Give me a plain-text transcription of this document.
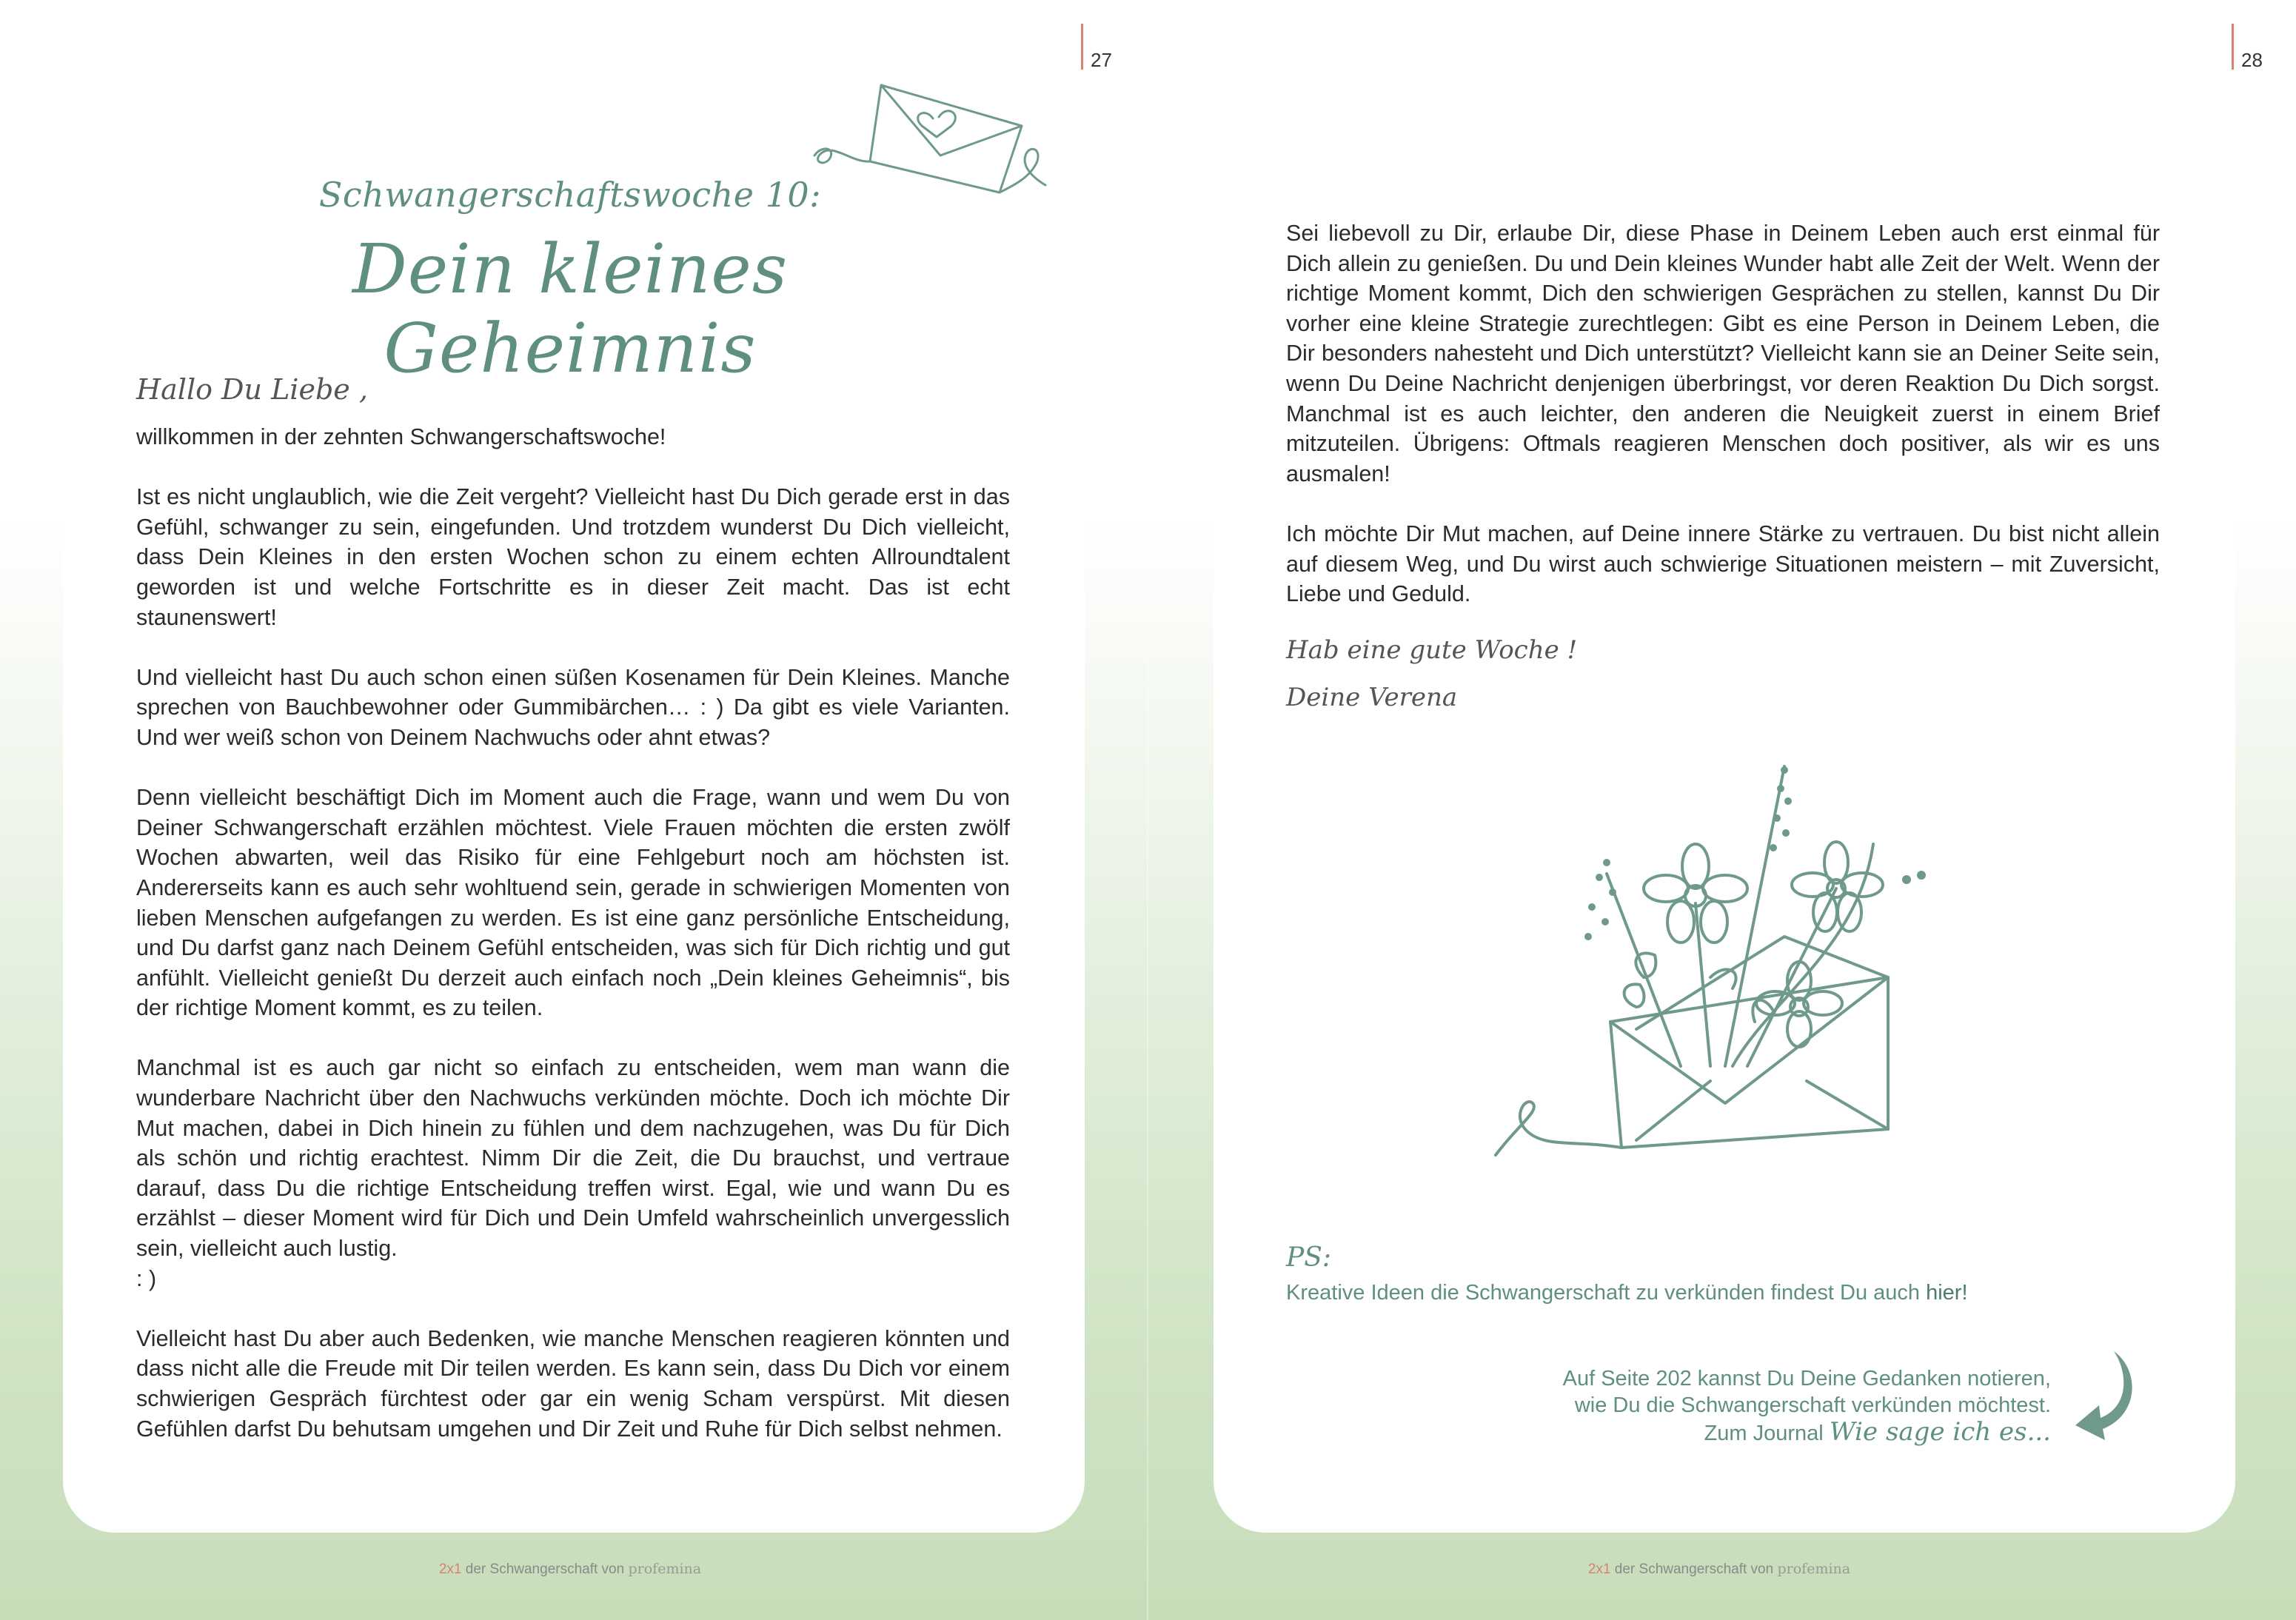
27	28
Schwangerschaftswoche 10:
Dein kleines Geheimnis
Hallo Du Liebe ,

willkommen in der zehnten Schwangerschaftswoche!

Ist es nicht unglaublich, wie die Zeit vergeht? Vielleicht hast Du Dich gerade erst in das Gefühl, schwanger zu sein, eingefunden. Und trotzdem wunderst Du Dich vielleicht, dass Dein Kleines in den ersten Wochen schon zu einem echten Allroundtalent geworden ist und welche Fortschritte es in dieser Zeit macht. Das ist echt staunenswert!

Und vielleicht hast Du auch schon einen süßen Kosenamen für Dein Kleines. Manche sprechen von Bauchbewohner oder Gummibärchen… : ) Da gibt es viele Varianten. Und wer weiß schon von Deinem Nachwuchs oder ahnt etwas?

Denn vielleicht beschäftigt Dich im Moment auch die Frage, wann und wem Du von Deiner Schwangerschaft erzählen möchtest. Viele Frauen möchten die ersten zwölf Wochen abwarten, weil das Risiko für eine Fehlgeburt noch am höchsten ist. Andererseits kann es auch sehr wohltuend sein, gerade in schwierigen Momenten von lieben Menschen aufgefangen zu werden. Es ist eine ganz persönliche Entscheidung, und Du darfst ganz nach Deinem Gefühl entscheiden, was sich für Dich richtig und gut anfühlt. Vielleicht genießt Du derzeit auch einfach noch „Dein kleines Geheimnis“, bis der richtige Moment kommt, es zu teilen.

Manchmal ist es auch gar nicht so einfach zu entscheiden, wem man wann die wunderbare Nachricht über den Nachwuchs verkünden möchte. Doch ich möchte Dir Mut machen, dabei in Dich hinein zu fühlen und dem nachzugehen, was Du für Dich als schön und richtig erachtest. Nimm Dir die Zeit, die Du brauchst, und vertraue darauf, dass Du die richtige Entscheidung treffen wirst. Egal, wie und wann Du es erzählst – dieser Moment wird für Dich und Dein Umfeld wahrscheinlich unvergesslich sein, vielleicht auch lustig.

: )

Vielleicht hast Du aber auch Bedenken, wie manche Menschen reagieren könnten und dass nicht alle die Freude mit Dir teilen werden. Es kann sein, dass Du Dich vor einem schwierigen Gespräch fürchtest oder gar ein wenig Scham verspürst. Mit diesen Gefühlen darfst Du behutsam umgehen und Dir Zeit und Ruhe für Dich selbst nehmen.

Sei liebevoll zu Dir, erlaube Dir, diese Phase in Deinem Leben auch erst einmal für Dich allein zu genießen. Du und Dein kleines Wunder habt alle Zeit der Welt. Wenn der richtige Moment kommt, Dich den schwierigen Gesprächen zu stellen, kannst Du Dir vorher eine kleine Strategie zurechtlegen: Gibt es eine Person in Deinem Leben, die Dir besonders nahesteht und Dich unterstützt? Vielleicht kann sie an Deiner Seite sein, wenn Du Deine Nachricht denjenigen überbringst, vor deren Reaktion Du Dich sorgst. Manchmal ist es auch leichter, den anderen die Neuigkeit zuerst in einem Brief mitzuteilen. Übrigens: Oftmals reagieren Menschen doch positiver, als wir es uns ausmalen!

Ich möchte Dir Mut machen, auf Deine innere Stärke zu vertrauen. Du bist nicht allein auf diesem Weg, und Du wirst auch schwierige Situationen meistern – mit Zuversicht, Liebe und Geduld.

Hab eine gute Woche !
Deine Verena
PS:
Kreative Ideen die Schwangerschaft zu verkünden findest Du auch hier!
Auf Seite 202 kannst Du Deine Gedanken notieren,
wie Du die Schwangerschaft verkünden möchtest.
Zum Journal Wie sage ich es...
2x1 der Schwangerschaft von profemina	2x1 der Schwangerschaft von profemina
